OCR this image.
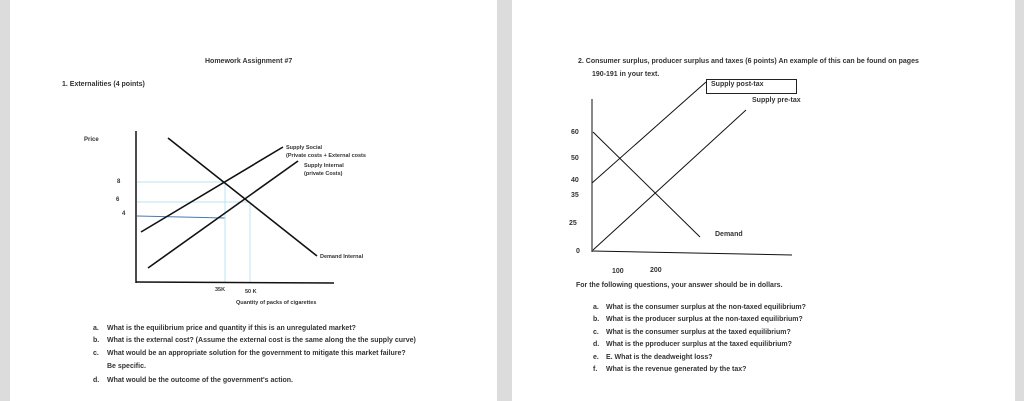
Homework Assignment #7
1. Externalities (4 points)
Price
8
6
4
35K	50 K
Quantity of packs of cigarettes
Supply Social
(Private costs + External costs
Supply Internal
(private Costs)
Demand Internal
a. What is the equilibrium price and quantity if this is an unregulated market?
b. What is the external cost? (Assume the external cost is the same along the the supply curve)
c. What would be an appropriate solution for the government to mitigate this market failure?
Be specific.
d. What would be the outcome of the government's action.
2. Consumer surplus, producer surplus and taxes (6 points) An example of this can be found on pages
190-191 in your text.
Supply post-tax
Supply pre-tax
Demand
60
50
40
35
25
0
100	200
For the following questions, your answer should be in dollars.
a. What is the consumer surplus at the non-taxed equilibrium?
b. What is the producer surplus at the non-taxed equilibrium?
c. What is the consumer surplus at the taxed equilibrium?
d. What is the pproducer surplus at the taxed equilibrium?
e. E. What is the deadweight loss?
f. What is the revenue generated by the tax?
